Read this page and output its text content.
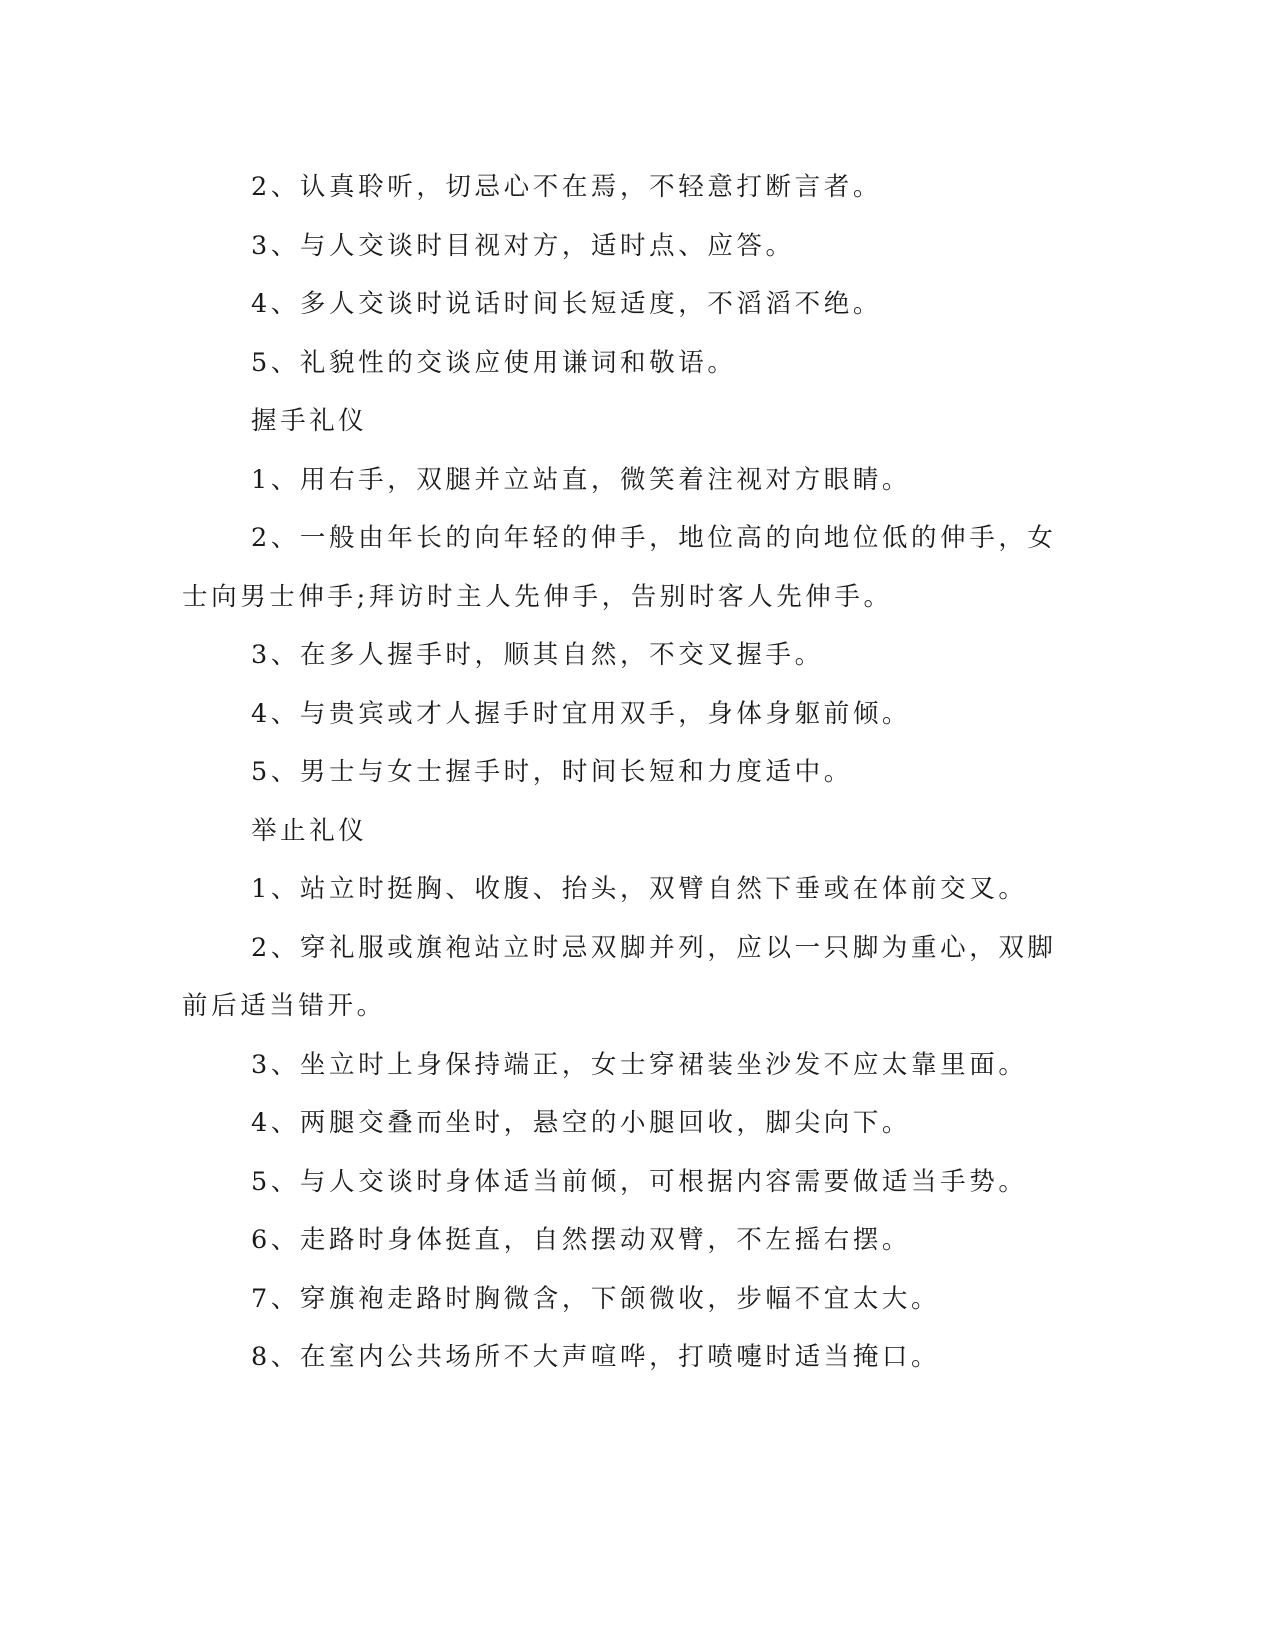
2、认真聆听，切忌心不在焉，不轻意打断言者。

3、与人交谈时目视对方，适时点、应答。

4、多人交谈时说话时间长短适度，不滔滔不绝。

5、礼貌性的交谈应使用谦词和敬语。

握手礼仪

1、用右手，双腿并立站直，微笑着注视对方眼睛。

2、一般由年长的向年轻的伸手，地位高的向地位低的伸手，女士向男士伸手;拜访时主人先伸手，告别时客人先伸手。

3、在多人握手时，顺其自然，不交叉握手。

4、与贵宾或才人握手时宜用双手，身体身躯前倾。

5、男士与女士握手时，时间长短和力度适中。

举止礼仪

1、站立时挺胸、收腹、抬头，双臂自然下垂或在体前交叉。

2、穿礼服或旗袍站立时忌双脚并列，应以一只脚为重心，双脚前后适当错开。

3、坐立时上身保持端正，女士穿裙装坐沙发不应太靠里面。

4、两腿交叠而坐时，悬空的小腿回收，脚尖向下。

5、与人交谈时身体适当前倾，可根据内容需要做适当手势。

6、走路时身体挺直，自然摆动双臂，不左摇右摆。

7、穿旗袍走路时胸微含，下颌微收，步幅不宜太大。

8、在室内公共场所不大声喧哗，打喷嚏时适当掩口。
